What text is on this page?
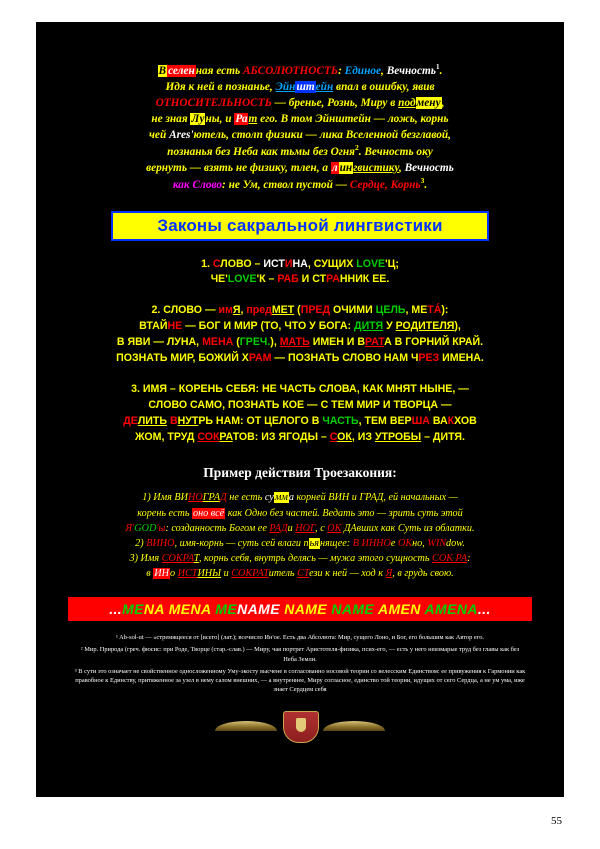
В селенная есть АБСОЛЮТНОСТЬ: Единое, Вечность$^1$.
Идя к ней в познанье, Эйнштейн впал в ошибку, явив
ОТНОСИТЕЛЬНОСТЬ — бренье, Рознь, Миру в подмену,
не зная Луны, и Рат его. В том Эйнштейн — ложь, корнь
чей Ares'ютель, столп физики — лика Вселенной безглавой,
познанья без Неба как тьмы без Огня$^2$. Вечность оку
вернуть — взять не физику, тлен, а л ингвистику, Вечность
как Слово: не Ум, ствол пустой — Сердце, Корнь$^3$.
Законы сакральной лингвистики
1. СЛОВО – ИСТИНА, СУЩИХ LOVE'Ц;
ЧЕ'LOVE'К – РАБ И СТРАННИК ЕЕ.
2. СЛОВО — имЯ, предМЕТ (ПРЕД ОЧИМИ ЦЕЛЬ, МЕТÁ):
ВТАЙНЕ — БОГ И МИР (ТО, ЧТО У БОГА: ДИТЯ У РОДИТЕЛЯ),
В ЯВИ — ЛУНА, МЕНА (ГРЕЧ.), МАТЬ ИМЕН И ВРАТА В ГОРНИЙ КРАЙ.
ПОЗНАТЬ МИР, БОЖИЙ ХРАМ — ПОЗНАТЬ СЛОВО НАМ ЧРЕЗ ИМЕНА.
3. ИМЯ – КОРЕНЬ СЕБЯ: НЕ ЧАСТЬ СЛОВА, КАК МНЯТ НЫНЕ, —
СЛОВО САМО, ПОЗНАТЬ КОЕ — С ТЕМ МИР И ТВОРЦА —
ДЕЛИТЬ ВНУТРЬ НАМ: ОТ ЦЕЛОГО В ЧАСТЬ, ТЕМ ВЕРША ВАКХОВ
ЖОМ, ТРУД СОКРАТОВ: ИЗ ЯГОДЫ – СОК, ИЗ УТРОБЫ – ДИТЯ.
Пример действия Троезакония:
1) Имя ВИНОГРАД не есть сумма корней ВИН и ГРАД, ей начальных —
корень есть оно всё как Одно без частей. Ведать это — зрить суть этой
Я'GOD'ы: созданность Богом ее РАДи НОГ, с ОК ДАвших как Суть из облатки.
2) ВИНО, имя-корнь — суть сей влаги пьянящее: В ИННОе ОКно, WINdow.
3) Имя СОКРАТ, корнь себя, внутрь делясь — мужа этого сущность СОК РА:
в ИНо ИСТИНЫ и СОКРАТитель СТези к ней — ход к Я, в грудь свою.
...MENA MENA MENAME NAME NAME AMEN AMENA...

¹ Ab-sol-ut — «стремящееся от [всего] (лат.); всечисло Ин'ое. Есть два Абсолюта: Мир, сущего Лоно, и Бог, его большим как Автор его.

² Мир. Природа (греч. фюсис: при Роде, Творце (стар.-слав.) — Миру, чая портрет Аристотеля-физика, псих-его, — есть у него неизмарые труд без главы как без Неба Земли.

³ В сути это означает не свойственное односложенному Уму-экосту высчене в согласованно носовой теории со велесским Единством: ее привужения к Гармонии как правобное к Единству, притяженное за узел в нему салом внешних, — а внутреннее, Миру согласное, единство той теории, идущих от сего Сердца, а не ум ума, иже знает Сердцем себя

55
